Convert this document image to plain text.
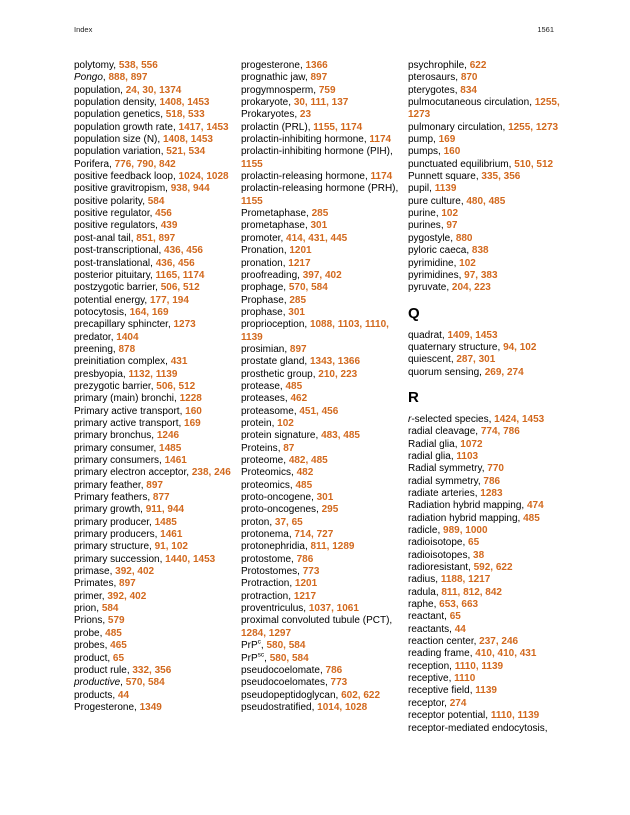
Index	1561
polytomy, 538, 556
Pongo, 888, 897
population, 24, 30, 1374
population density, 1408, 1453
population genetics, 518, 533
population growth rate, 1417, 1453
population size (N), 1408, 1453
population variation, 521, 534
Porifera, 776, 790, 842
positive feedback loop, 1024, 1028
positive gravitropism, 938, 944
positive polarity, 584
positive regulator, 456
positive regulators, 439
post-anal tail, 851, 897
post-transcriptional, 436, 456
post-translational, 436, 456
posterior pituitary, 1165, 1174
postzygotic barrier, 506, 512
potential energy, 177, 194
potocytosis, 164, 169
precapillary sphincter, 1273
predator, 1404
preening, 878
preinitiation complex, 431
presbyopia, 1132, 1139
prezygotic barrier, 506, 512
primary (main) bronchi, 1228
Primary active transport, 160
primary active transport, 169
primary bronchus, 1246
primary consumer, 1485
primary consumers, 1461
primary electron acceptor, 238, 246
primary feather, 897
Primary feathers, 877
primary growth, 911, 944
primary producer, 1485
primary producers, 1461
primary structure, 91, 102
primary succession, 1440, 1453
primase, 392, 402
Primates, 897
primer, 392, 402
prion, 584
Prions, 579
probe, 485
probes, 465
product, 65
product rule, 332, 356
productive, 570, 584
products, 44
Progesterone, 1349
progesterone, 1366
prognathic jaw, 897
progymnosperm, 759
prokaryote, 30, 111, 137
Prokaryotes, 23
prolactin (PRL), 1155, 1174
prolactin-inhibiting hormone, 1174
prolactin-inhibiting hormone (PIH), 1155
prolactin-releasing hormone, 1174
prolactin-releasing hormone (PRH), 1155
Prometaphase, 285
prometaphase, 301
promoter, 414, 431, 445
Pronation, 1201
pronation, 1217
proofreading, 397, 402
prophage, 570, 584
Prophase, 285
prophase, 301
proprioception, 1088, 1103, 1110, 1139
prosimian, 897
prostate gland, 1343, 1366
prosthetic group, 210, 223
protease, 485
proteases, 462
proteasome, 451, 456
protein, 102
protein signature, 483, 485
Proteins, 87
proteome, 482, 485
Proteomics, 482
proteomics, 485
proto-oncogene, 301
proto-oncogenes, 295
proton, 37, 65
protonema, 714, 727
protonephridia, 811, 1289
protostome, 786
Protostomes, 773
Protraction, 1201
protraction, 1217
proventriculus, 1037, 1061
proximal convoluted tubule (PCT), 1284, 1297
PrP$^c$, 580, 584
PrP$^{sc}$, 580, 584
pseudocoelomate, 786
pseudocoelomates, 773
pseudopeptidoglycan, 602, 622
pseudostratified, 1014, 1028
psychrophile, 622
pterosaurs, 870
pterygotes, 834
pulmocutaneous circulation, 1255, 1273
pulmonary circulation, 1255, 1273
pump, 169
pumps, 160
punctuated equilibrium, 510, 512
Punnett square, 335, 356
pupil, 1139
pure culture, 480, 485
purine, 102
purines, 97
pygostyle, 880
pyloric caeca, 838
pyrimidine, 102
pyrimidines, 97, 383
pyruvate, 204, 223
Q
quadrat, 1409, 1453
quaternary structure, 94, 102
quiescent, 287, 301
quorum sensing, 269, 274
R
r-selected species, 1424, 1453
radial cleavage, 774, 786
Radial glia, 1072
radial glia, 1103
Radial symmetry, 770
radial symmetry, 786
radiate arteries, 1283
Radiation hybrid mapping, 474
radiation hybrid mapping, 485
radicle, 989, 1000
radioisotope, 65
radioisotopes, 38
radioresistant, 592, 622
radius, 1188, 1217
radula, 811, 812, 842
raphe, 653, 663
reactant, 65
reactants, 44
reaction center, 237, 246
reading frame, 410, 410, 431
reception, 1110, 1139
receptive, 1110
receptive field, 1139
receptor, 274
receptor potential, 1110, 1139
receptor-mediated endocytosis,
